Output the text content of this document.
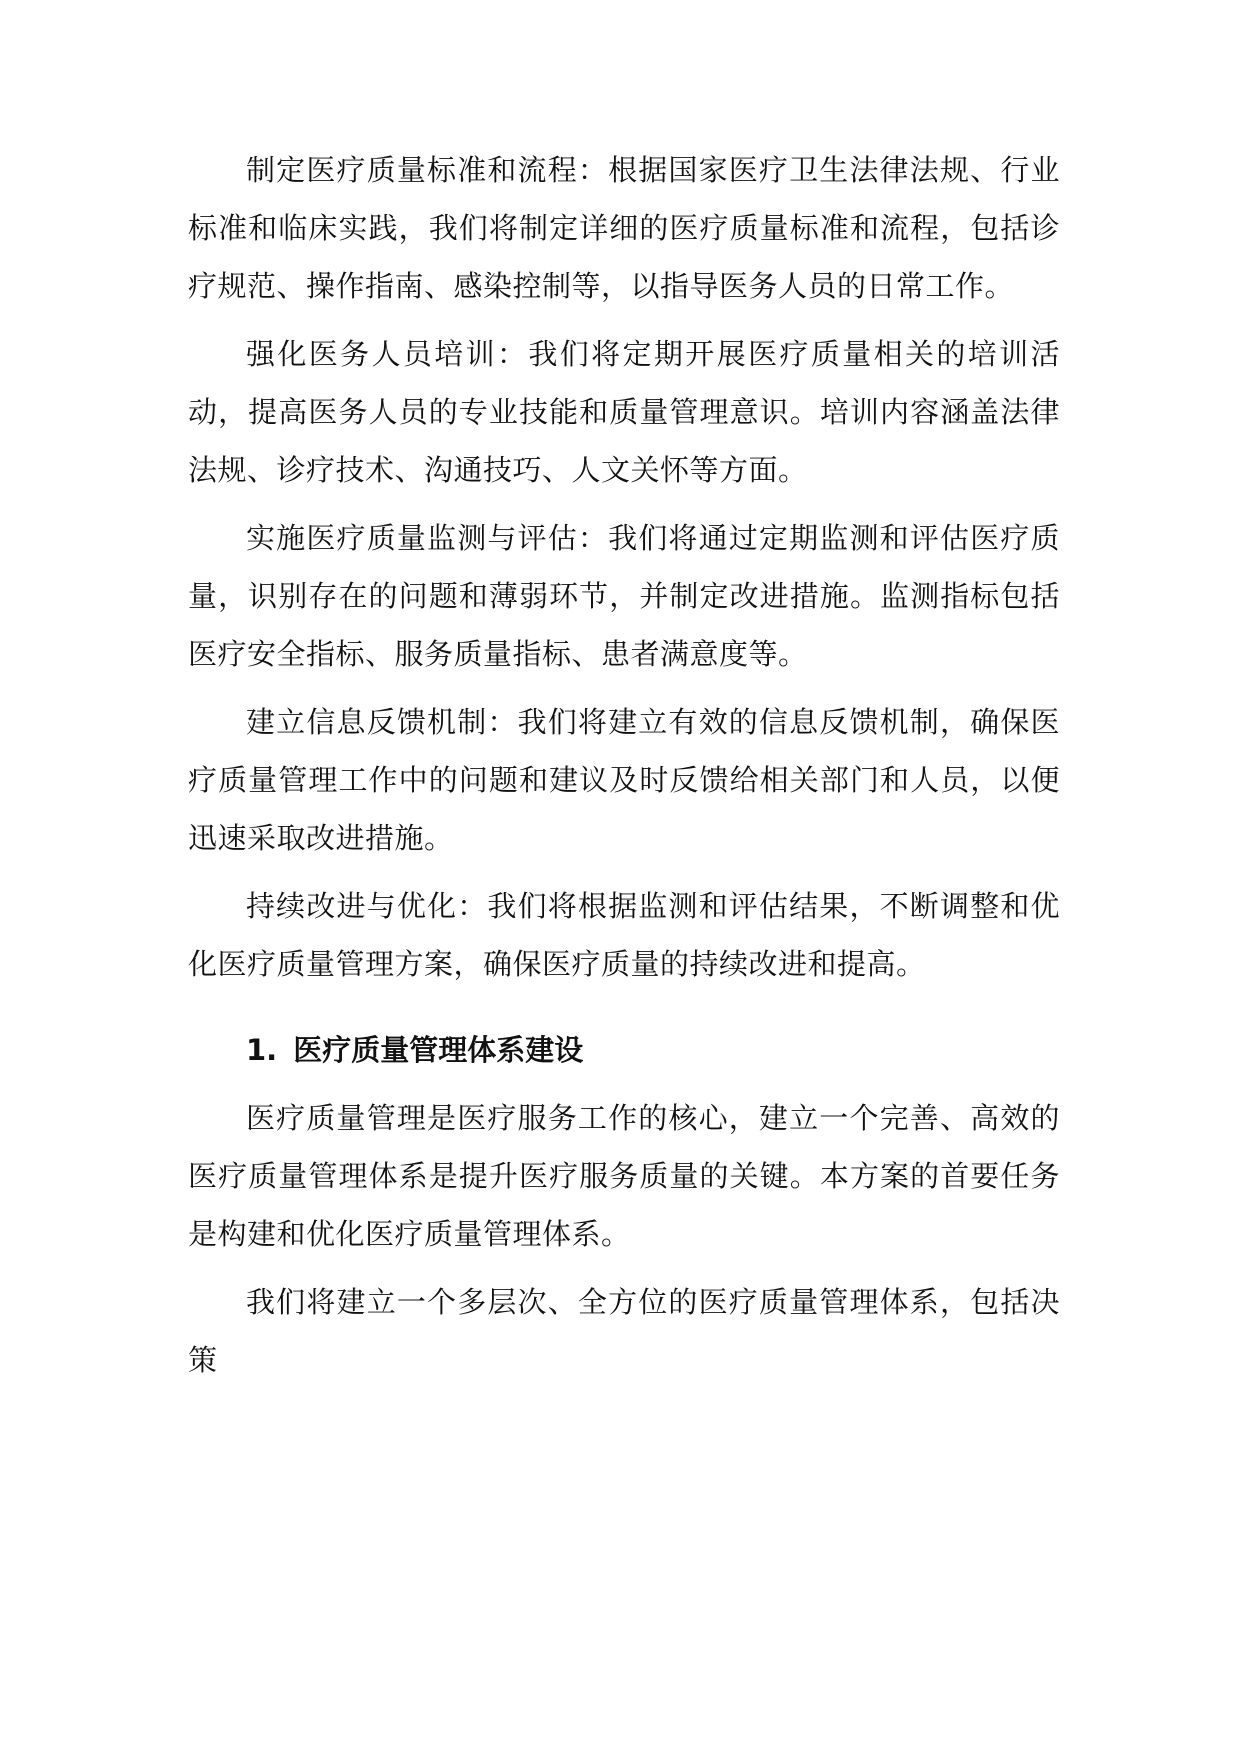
制定医疗质量标准和流程：根据国家医疗卫生法律法规、行业标准和临床实践，我们将制定详细的医疗质量标准和流程，包括诊疗规范、操作指南、感染控制等，以指导医务人员的日常工作。

强化医务人员培训：我们将定期开展医疗质量相关的培训活动，提高医务人员的专业技能和质量管理意识。培训内容涵盖法律法规、诊疗技术、沟通技巧、人文关怀等方面。

实施医疗质量监测与评估：我们将通过定期监测和评估医疗质量，识别存在的问题和薄弱环节，并制定改进措施。监测指标包括医疗安全指标、服务质量指标、患者满意度等。

建立信息反馈机制：我们将建立有效的信息反馈机制，确保医疗质量管理工作中的问题和建议及时反馈给相关部门和人员，以便迅速采取改进措施。

持续改进与优化：我们将根据监测和评估结果，不断调整和优化医疗质量管理方案，确保医疗质量的持续改进和提高。

1. 医疗质量管理体系建设

医疗质量管理是医疗服务工作的核心，建立一个完善、高效的医疗质量管理体系是提升医疗服务质量的关键。本方案的首要任务是构建和优化医疗质量管理体系。

我们将建立一个多层次、全方位的医疗质量管理体系，包括决策
